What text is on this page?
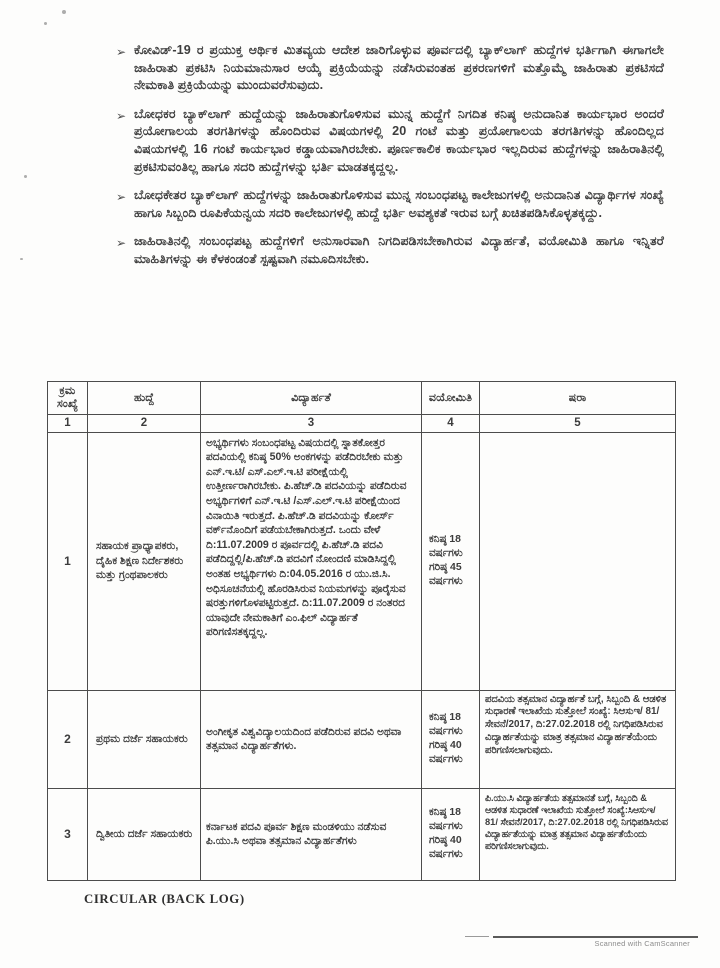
➢ ಕೋವಿಡ್-19 ರ ಪ್ರಯುಕ್ತ ಆರ್ಥಿಕ ಮಿತವ್ಯಯ ಆದೇಶ ಜಾರಿಗೊಳ್ಳುವ ಪೂರ್ವದಲ್ಲಿ ಬ್ಯಾಕ್‌ಲಾಗ್ ಹುದ್ದೆಗಳ ಭರ್ತಿಗಾಗಿ ಈಗಾಗಲೇ ಜಾಹಿರಾತು ಪ್ರಕಟಿಸಿ ನಿಯಮಾನುಸಾರ ಆಯ್ಕೆ ಪ್ರಕ್ರಿಯೆಯನ್ನು ನಡೆಸಿರುವಂತಹ ಪ್ರಕರಣಗಳಿಗೆ ಮತ್ತೊಮ್ಮೆ ಜಾಹಿರಾತು ಪ್ರಕಟಿಸದೆ ನೇಮಕಾತಿ ಪ್ರಕ್ರಿಯೆಯನ್ನು ಮುಂದುವರೆಸುವುದು.
➢ ಬೋಧಕರ ಬ್ಯಾಕ್‌ಲಾಗ್ ಹುದ್ದೆಯನ್ನು ಜಾಹಿರಾತುಗೊಳಿಸುವ ಮುನ್ನ ಹುದ್ದೆಗೆ ನಿಗದಿತ ಕನಿಷ್ಠ ಅನುದಾನಿತ ಕಾರ್ಯಭಾರ ಅಂದರೆ ಪ್ರಯೋಗಾಲಯ ತರಗತಿಗಳನ್ನು ಹೊಂದಿರುವ ವಿಷಯಗಳಲ್ಲಿ 20 ಗಂಟೆ ಮತ್ತು ಪ್ರಯೋಗಾಲಯ ತರಗತಿಗಳನ್ನು ಹೊಂದಿಲ್ಲದ ವಿಷಯಗಳಲ್ಲಿ 16 ಗಂಟೆ ಕಾರ್ಯಭಾರ ಕಡ್ಡಾಯವಾಗಿರಬೇಕು. ಪೂರ್ಣಕಾಲಿಕ ಕಾರ್ಯಭಾರ ಇಲ್ಲದಿರುವ ಹುದ್ದೆಗಳನ್ನು ಜಾಹಿರಾತಿನಲ್ಲಿ ಪ್ರಕಟಿಸುವಂತಿಲ್ಲ ಹಾಗೂ ಸದರಿ ಹುದ್ದೆಗಳನ್ನು ಭರ್ತಿ ಮಾಡತಕ್ಕದ್ದಲ್ಲ.
➢ ಬೋಧಕೇತರ ಬ್ಯಾಕ್‌ಲಾಗ್ ಹುದ್ದೆಗಳನ್ನು ಜಾಹಿರಾತುಗೊಳಿಸುವ ಮುನ್ನ ಸಂಬಂಧಪಟ್ಟ ಕಾಲೇಜುಗಳಲ್ಲಿ ಅನುದಾನಿತ ವಿದ್ಯಾರ್ಥಿಗಳ ಸಂಖ್ಯೆ ಹಾಗೂ ಸಿಬ್ಬಂದಿ ರೂಪಿಕೆಯನ್ವಯ ಸದರಿ ಕಾಲೇಜುಗಳಲ್ಲಿ ಹುದ್ದೆ ಭರ್ತಿ ಅವಶ್ಯಕತೆ ಇರುವ ಬಗ್ಗೆ ಖಚಿತಪಡಿಸಿಕೊಳ್ಳತಕ್ಕದ್ದು.
➢ ಜಾಹಿರಾತಿನಲ್ಲಿ ಸಂಬಂಧಪಟ್ಟ ಹುದ್ದೆಗಳಿಗೆ ಅನುಸಾರವಾಗಿ ನಿಗದಿಪಡಿಸಬೇಕಾಗಿರುವ ವಿದ್ಯಾರ್ಹತೆ, ವಯೋಮಿತಿ ಹಾಗೂ ಇನ್ನಿತರೆ ಮಾಹಿತಿಗಳನ್ನು ಈ ಕೆಳಕಂಡಂತೆ ಸ್ಪಷ್ಟವಾಗಿ ನಮೂದಿಸಬೇಕು.
ಕ್ರಮ ಸಂಖ್ಯೆ	ಹುದ್ದೆ	ವಿದ್ಯಾರ್ಹತೆ	ವಯೋಮಿತಿ	ಷರಾ
1	2	3	4	5
1	ಸಹಾಯಕ ಪ್ರಾಧ್ಯಾಪಕರು, ದೈಹಿಕ ಶಿಕ್ಷಣ ನಿರ್ದೇಶಕರು ಮತ್ತು ಗ್ರಂಥಪಾಲಕರು	ಅಭ್ಯರ್ಥಿಗಳು ಸಂಬಂಧಪಟ್ಟ ವಿಷಯದಲ್ಲಿ ಸ್ನಾತಕೋತ್ತರ ಪದವಿಯಲ್ಲಿ ಕನಿಷ್ಠ 50% ಅಂಕಗಳನ್ನು ಪಡೆದಿರಬೇಕು ಮತ್ತು ಎನ್.ಇ.ಟಿ/ ಎಸ್.ಎಲ್.ಇ.ಟಿ ಪರೀಕ್ಷೆಯಲ್ಲಿ ಉತ್ತೀರ್ಣರಾಗಿರಬೇಕು. ಪಿ.ಹೆಚ್.ಡಿ ಪದವಿಯನ್ನು ಪಡೆದಿರುವ ಅಭ್ಯರ್ಥಿಗಳಿಗೆ ಎನ್.ಇ.ಟಿ /ಎಸ್.ಎಲ್.ಇ.ಟಿ ಪರೀಕ್ಷೆಯಿಂದ ವಿನಾಯಿತಿ ಇರುತ್ತದೆ. ಪಿ.ಹೆಚ್.ಡಿ ಪದವಿಯನ್ನು ಕೋರ್ಸ್ ವರ್ಕ್‌ನೊಂದಿಗೆ ಪಡೆಯಬೇಕಾಗಿರುತ್ತದೆ. ಒಂದು ವೇಳೆ ದಿ:11.07.2009 ರ ಪೂರ್ವದಲ್ಲಿ ಪಿ.ಹೆಚ್.ಡಿ ಪದವಿ ಪಡೆದಿದ್ದಲ್ಲಿ/ಪಿ.ಹೆಚ್.ಡಿ ಪದವಿಗೆ ನೋಂದಣಿ ಮಾಡಿಸಿದ್ದಲ್ಲಿ ಅಂತಹ ಅಭ್ಯರ್ಥಿಗಳು ದಿ:04.05.2016 ರ ಯು.ಜಿ.ಸಿ. ಅಧಿಸೂಚನೆಯಲ್ಲಿ ಹೊರಡಿಸಿರುವ ನಿಯಮಗಳನ್ನು ಪೂರೈಸುವ ಷರತ್ತುಗಳಿಗೊಳಪಟ್ಟಿರುತ್ತದೆ. ದಿ:11.07.2009 ರ ನಂತರದ ಯಾವುದೇ ನೇಮಕಾತಿಗೆ ಎಂ.ಫಿಲ್ ವಿದ್ಯಾರ್ಹತೆ ಪರಿಗಣಿಸತಕ್ಕದ್ದಲ್ಲ.	ಕನಿಷ್ಠ 18 ವರ್ಷಗಳು ಗರಿಷ್ಠ 45 ವರ್ಷಗಳು	
2	ಪ್ರಥಮ ದರ್ಜೆ ಸಹಾಯಕರು	ಅಂಗೀಕೃತ ವಿಶ್ವವಿದ್ಯಾಲಯದಿಂದ ಪಡೆದಿರುವ ಪದವಿ ಅಥವಾ ತತ್ಸಮಾನ ವಿದ್ಯಾರ್ಹತೆಗಳು.	ಕನಿಷ್ಠ 18 ವರ್ಷಗಳು ಗರಿಷ್ಠ 40 ವರ್ಷಗಳು	ಪದವಿಯ ತತ್ಸಮಾನ ವಿದ್ಯಾರ್ಹತೆ ಬಗ್ಗೆ, ಸಿಬ್ಬಂದಿ & ಆಡಳಿತ ಸುಧಾರಣೆ ಇಲಾಖೆಯ ಸುತ್ತೋಲೆ ಸಂಖ್ಯೆ: ಸಿಆಸುಇ/ 81/ಸೇವನೆ/2017, ದಿ:27.02.2018 ರಲ್ಲಿ ನಿಗಧಿಪಡಿಸಿರುವ ವಿದ್ಯಾರ್ಹತೆಯನ್ನು ಮಾತ್ರ ತತ್ಸಮಾನ ವಿದ್ಯಾರ್ಹತೆಯೆಂದು ಪರಿಗಣಿಸಲಾಗುವುದು.
3	ದ್ವಿತೀಯ ದರ್ಜೆ ಸಹಾಯಕರು	ಕರ್ನಾಟಕ ಪದವಿ ಪೂರ್ವ ಶಿಕ್ಷಣ ಮಂಡಳಿಯು ನಡೆಸುವ ಪಿ.ಯು.ಸಿ ಅಥವಾ ತತ್ಸಮಾನ ವಿದ್ಯಾರ್ಹತೆಗಳು	ಕನಿಷ್ಠ 18 ವರ್ಷಗಳು ಗರಿಷ್ಠ 40 ವರ್ಷಗಳು	ಪಿ.ಯು.ಸಿ ವಿದ್ಯಾರ್ಹತೆಯ ತತ್ಸಮಾನತೆ ಬಗ್ಗೆ, ಸಿಬ್ಬಂದಿ & ಆಡಳಿತ ಸುಧಾರಣೆ ಇಲಾಖೆಯ ಸುತ್ತೋಲೆ ಸಂಖ್ಯೆ:ಸಿಆಸುಇ/ 81/ ಸೇವನೆ/2017, ದಿ:27.02.2018 ರಲ್ಲಿ ನಿಗಧಿಪಡಿಸಿರುವ ವಿದ್ಯಾರ್ಹತೆಯನ್ನು ಮಾತ್ರ ತತ್ಸಮಾನ ವಿದ್ಯಾರ್ಹತೆಯೆಂದು ಪರಿಗಣಿಸಲಾಗುವುದು.
CIRCULAR (BACK LOG)
Scanned with CamScanner
